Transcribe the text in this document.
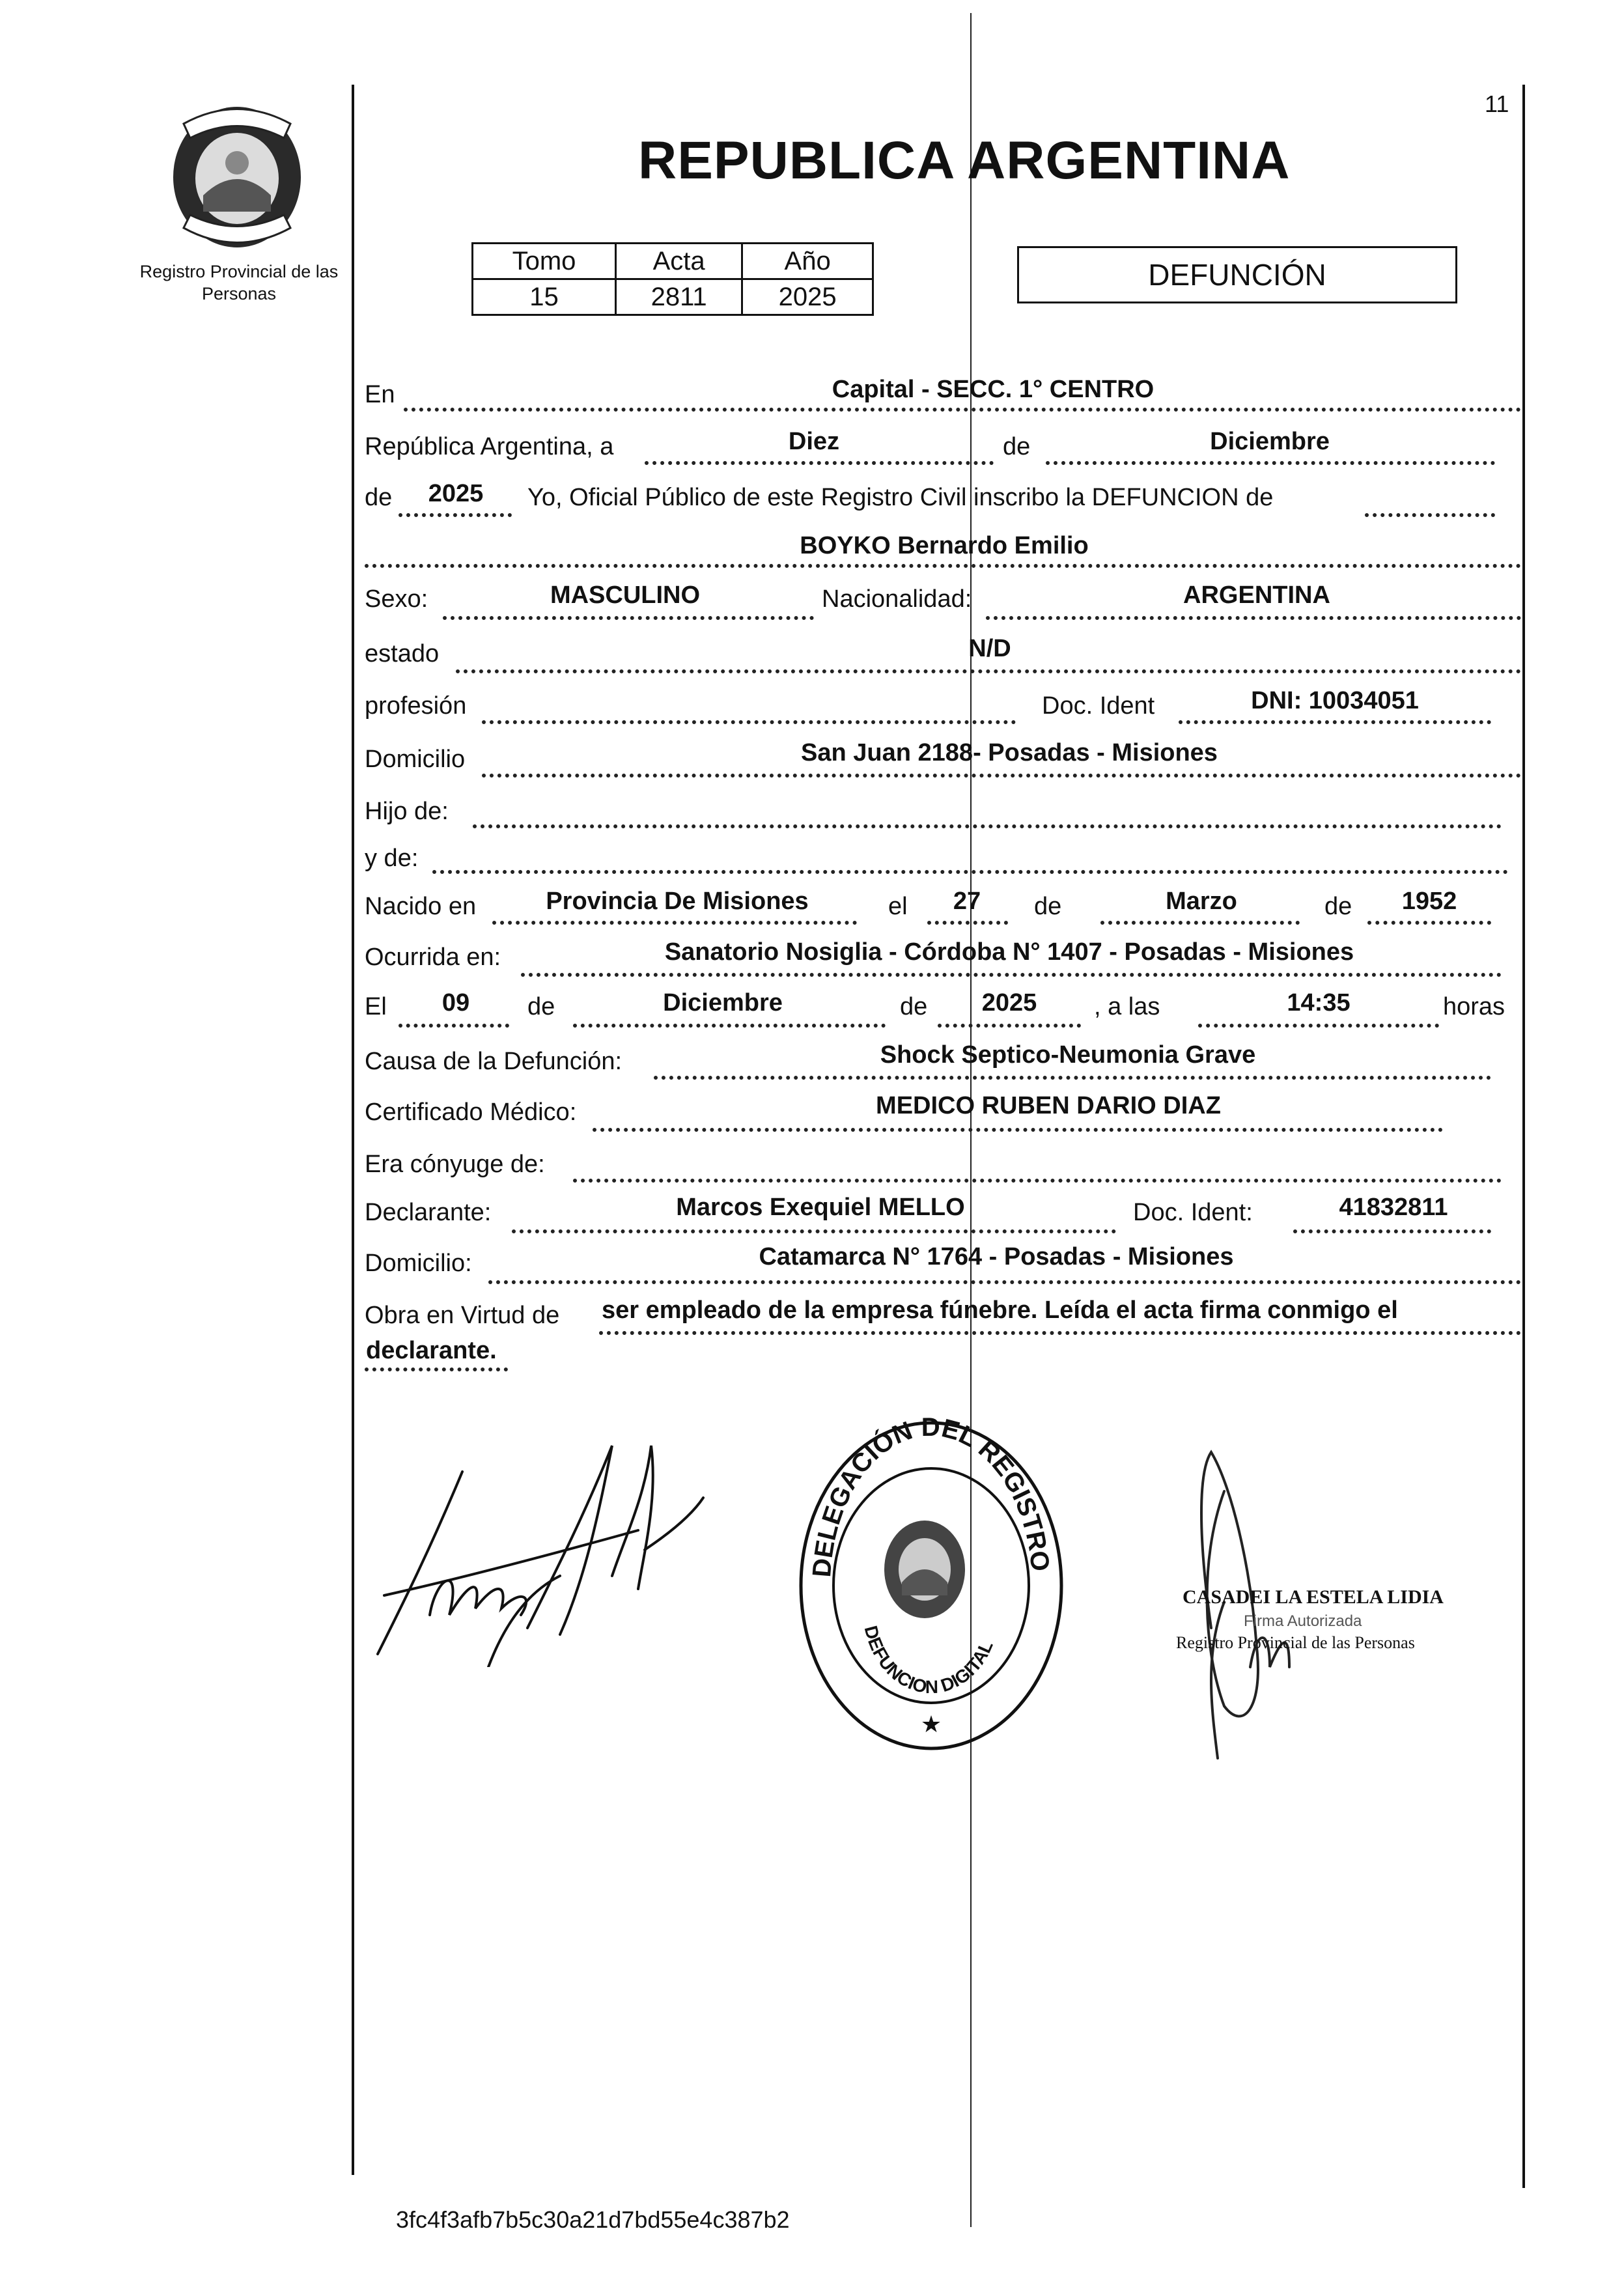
Registro Provincial de las Personas
11
REPUBLICA ARGENTINA
Tomo	Acta	Año
15	2811	2025
DEFUNCIÓN
En	Capital - SECC. 1° CENTRO
República Argentina, a	Diez	de	Diciembre
de	2025	Yo, Oficial Público de este Registro Civil inscribo la DEFUNCION de
BOYKO Bernardo Emilio
Sexo:	MASCULINO	Nacionalidad:	ARGENTINA
estado	N/D
profesión	Doc. Ident	DNI: 10034051
Domicilio	San Juan 2188- Posadas - Misiones
Hijo de:
y de:
Nacido en	Provincia De Misiones	el	27	de	Marzo	de	1952
Ocurrida en:	Sanatorio Nosiglia - Córdoba N° 1407 - Posadas - Misiones
El	09	de	Diciembre	de	2025	, a las	14:35	horas
Causa de la Defunción:	Shock Septico-Neumonia Grave
Certificado Médico:	MEDICO RUBEN DARIO DIAZ
Era cónyuge de:
Declarante:	Marcos Exequiel MELLO	Doc. Ident:	41832811
Domicilio:	Catamarca N° 1764 - Posadas - Misiones
Obra en Virtud de ser empleado de la empresa fúnebre. Leída el acta firma conmigo el
declarante.
DELEGACIÓN DEL REGISTRO
DEFUNCION DIGITAL
★
CASADEI LA ESTELA LIDIA
Firma Autorizada
Registro Provincial de las Personas
3fc4f3afb7b5c30a21d7bd55e4c387b2
